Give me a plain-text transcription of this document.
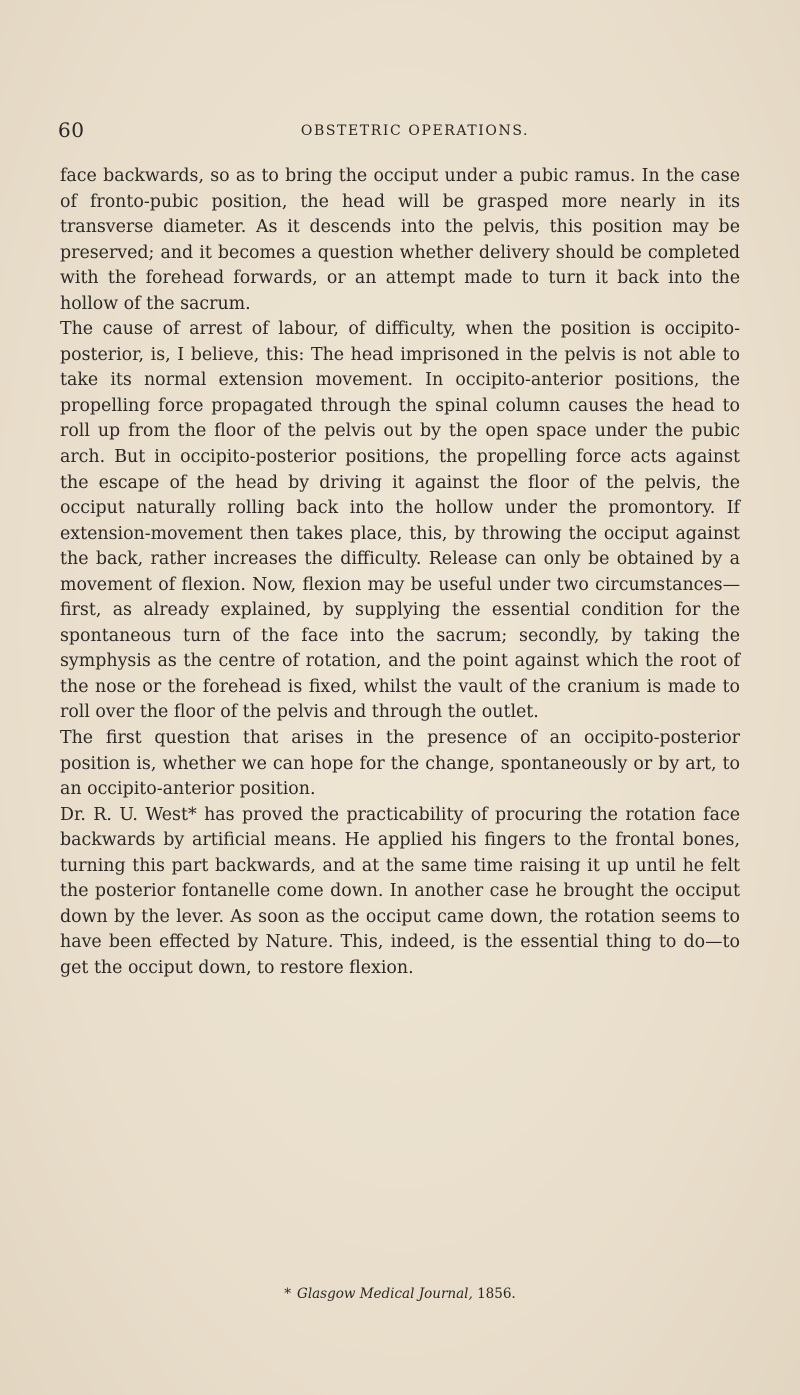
60	OBSTETRIC OPERATIONS.

face backwards, so as to bring the occiput under a pubic ramus. In the case of fronto-pubic position, the head will be grasped more nearly in its transverse diameter. As it descends into the pelvis, this position may be preserved; and it becomes a question whether delivery should be completed with the forehead forwards, or an attempt made to turn it back into the hollow of the sacrum.

The cause of arrest of labour, of difficulty, when the position is occipito-posterior, is, I believe, this: The head imprisoned in the pelvis is not able to take its normal extension movement. In occipito-anterior positions, the propelling force propagated through the spinal column causes the head to roll up from the floor of the pelvis out by the open space under the pubic arch. But in occipito-posterior positions, the propelling force acts against the escape of the head by driving it against the floor of the pelvis, the occiput naturally rolling back into the hollow under the promontory. If extension-movement then takes place, this, by throwing the occiput against the back, rather increases the difficulty. Release can only be obtained by a movement of flexion. Now, flexion may be useful under two circumstances—first, as already explained, by supplying the essential condition for the spontaneous turn of the face into the sacrum; secondly, by taking the symphysis as the centre of rotation, and the point against which the root of the nose or the forehead is fixed, whilst the vault of the cranium is made to roll over the floor of the pelvis and through the outlet.

The first question that arises in the presence of an occipito-posterior position is, whether we can hope for the change, spontaneously or by art, to an occipito-anterior position.

Dr. R. U. West* has proved the practicability of procuring the rotation face backwards by artificial means. He applied his fingers to the frontal bones, turning this part backwards, and at the same time raising it up until he felt the posterior fontanelle come down. In another case he brought the occiput down by the lever. As soon as the occiput came down, the rotation seems to have been effected by Nature. This, indeed, is the essential thing to do—to get the occiput down, to restore flexion.

* Glasgow Medical Journal, 1856.
